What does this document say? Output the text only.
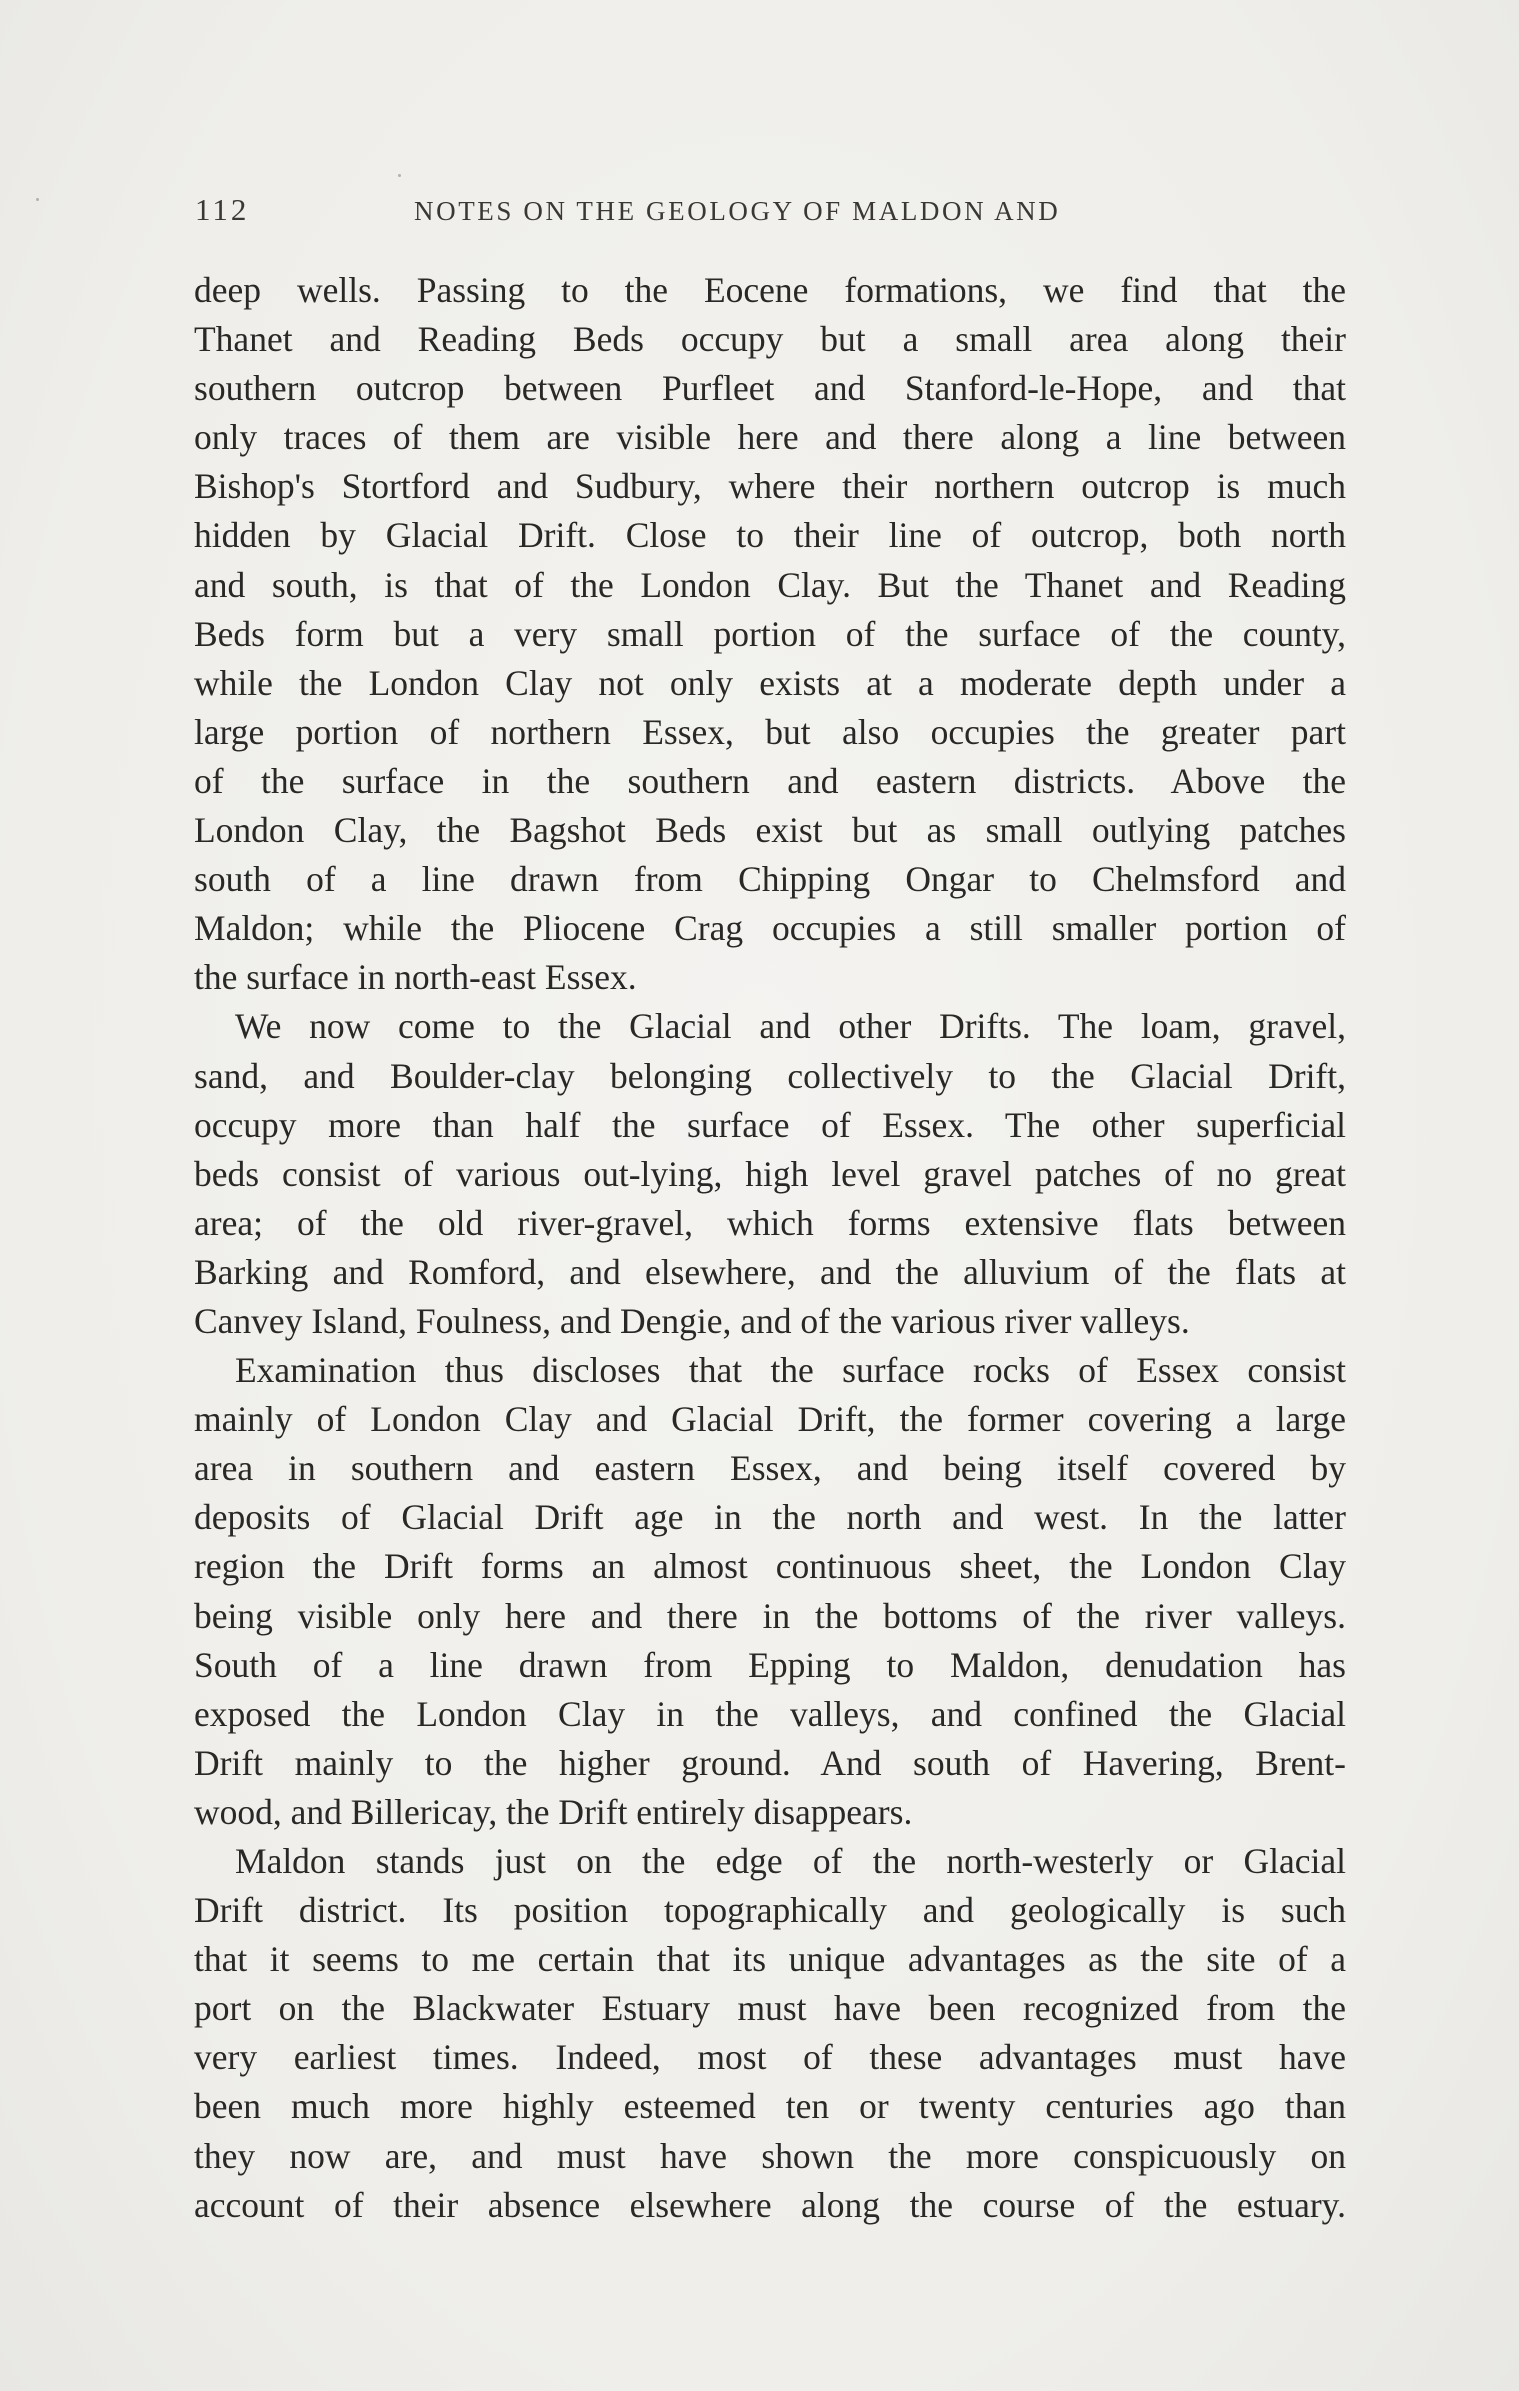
112	NOTES ON THE GEOLOGY OF MALDON AND
deep wells. Passing to the Eocene formations, we find that the
Thanet and Reading Beds occupy but a small area along their
southern outcrop between Purfleet and Stanford-le-Hope, and that
only traces of them are visible here and there along a line between
Bishop's Stortford and Sudbury, where their northern outcrop is much
hidden by Glacial Drift. Close to their line of outcrop, both north
and south, is that of the London Clay. But the Thanet and Reading
Beds form but a very small portion of the surface of the county,
while the London Clay not only exists at a moderate depth under a
large portion of northern Essex, but also occupies the greater part
of the surface in the southern and eastern districts. Above the
London Clay, the Bagshot Beds exist but as small outlying patches
south of a line drawn from Chipping Ongar to Chelmsford and
Maldon; while the Pliocene Crag occupies a still smaller portion of
the surface in north-east Essex.
We now come to the Glacial and other Drifts. The loam, gravel,
sand, and Boulder-clay belonging collectively to the Glacial Drift,
occupy more than half the surface of Essex. The other superficial
beds consist of various out-lying, high level gravel patches of no great
area; of the old river-gravel, which forms extensive flats between
Barking and Romford, and elsewhere, and the alluvium of the flats at
Canvey Island, Foulness, and Dengie, and of the various river valleys.
Examination thus discloses that the surface rocks of Essex consist
mainly of London Clay and Glacial Drift, the former covering a large
area in southern and eastern Essex, and being itself covered by
deposits of Glacial Drift age in the north and west. In the latter
region the Drift forms an almost continuous sheet, the London Clay
being visible only here and there in the bottoms of the river valleys.
South of a line drawn from Epping to Maldon, denudation has
exposed the London Clay in the valleys, and confined the Glacial
Drift mainly to the higher ground. And south of Havering, Brent-
wood, and Billericay, the Drift entirely disappears.
Maldon stands just on the edge of the north-westerly or Glacial
Drift district. Its position topographically and geologically is such
that it seems to me certain that its unique advantages as the site of a
port on the Blackwater Estuary must have been recognized from the
very earliest times. Indeed, most of these advantages must have
been much more highly esteemed ten or twenty centuries ago than
they now are, and must have shown the more conspicuously on
account of their absence elsewhere along the course of the estuary.
